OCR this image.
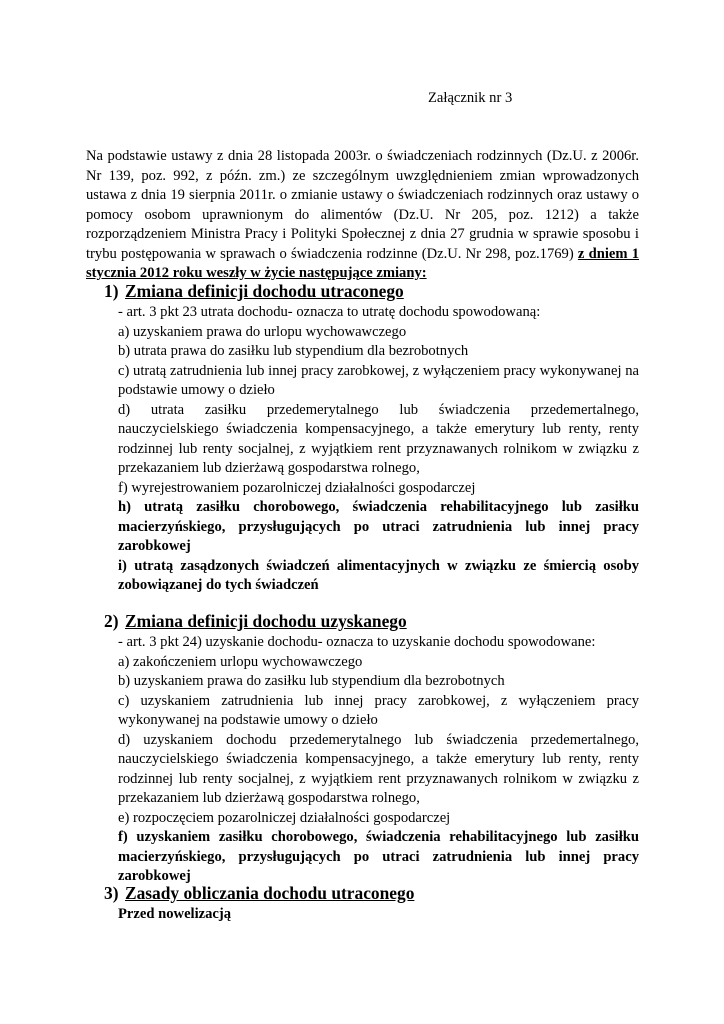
Załącznik nr 3

Na podstawie ustawy z dnia 28 listopada 2003r. o świadczeniach rodzinnych (Dz.U. z 2006r. Nr 139, poz. 992, z późn. zm.) ze szczególnym uwzględnieniem zmian wprowadzonych ustawa z dnia 19 sierpnia 2011r. o zmianie ustawy o świadczeniach rodzinnych oraz ustawy o pomocy osobom uprawnionym do alimentów (Dz.U. Nr 205, poz. 1212) a także rozporządzeniem Ministra Pracy i Polityki Społecznej z dnia 27 grudnia w sprawie sposobu i trybu postępowania w sprawach o świadczenia rodzinne (Dz.U. Nr 298, poz.1769) z dniem 1 stycznia 2012 roku weszły w życie następujące zmiany:

1) Zmiana definicji dochodu utraconego
- art. 3 pkt 23 utrata dochodu- oznacza to utratę dochodu spowodowaną:
a) uzyskaniem prawa do urlopu wychowawczego
b) utrata prawa do zasiłku lub stypendium dla bezrobotnych
c) utratą zatrudnienia lub innej pracy zarobkowej, z wyłączeniem pracy wykonywanej na podstawie umowy o dzieło
d) utrata zasiłku przedemerytalnego lub świadczenia przedemertalnego, nauczycielskiego świadczenia kompensacyjnego, a także emerytury lub renty, renty rodzinnej lub renty socjalnej, z wyjątkiem rent przyznawanych rolnikom w związku z przekazaniem lub dzierżawą gospodarstwa rolnego,
f) wyrejestrowaniem pozarolniczej działalności gospodarczej
h) utratą zasiłku chorobowego, świadczenia rehabilitacyjnego lub zasiłku macierzyńskiego, przysługujących po utraci zatrudnienia lub innej pracy zarobkowej
i) utratą zasądzonych świadczeń alimentacyjnych w związku ze śmiercią osoby zobowiązanej do tych świadczeń
2) Zmiana definicji dochodu uzyskanego
- art. 3 pkt 24) uzyskanie dochodu- oznacza to uzyskanie dochodu spowodowane:
a) zakończeniem urlopu wychowawczego
b) uzyskaniem prawa do zasiłku lub stypendium dla bezrobotnych
c) uzyskaniem zatrudnienia lub innej pracy zarobkowej, z wyłączeniem pracy wykonywanej na podstawie umowy o dzieło
d) uzyskaniem dochodu przedemerytalnego lub świadczenia przedemertalnego, nauczycielskiego świadczenia kompensacyjnego, a także emerytury lub renty, renty rodzinnej lub renty socjalnej, z wyjątkiem rent przyznawanych rolnikom w związku z przekazaniem lub dzierżawą gospodarstwa rolnego,
e) rozpoczęciem pozarolniczej działalności gospodarczej
f) uzyskaniem zasiłku chorobowego, świadczenia rehabilitacyjnego lub zasiłku macierzyńskiego, przysługujących po utraci zatrudnienia lub innej pracy zarobkowej
3) Zasady obliczania dochodu utraconego

Przed nowelizacją
